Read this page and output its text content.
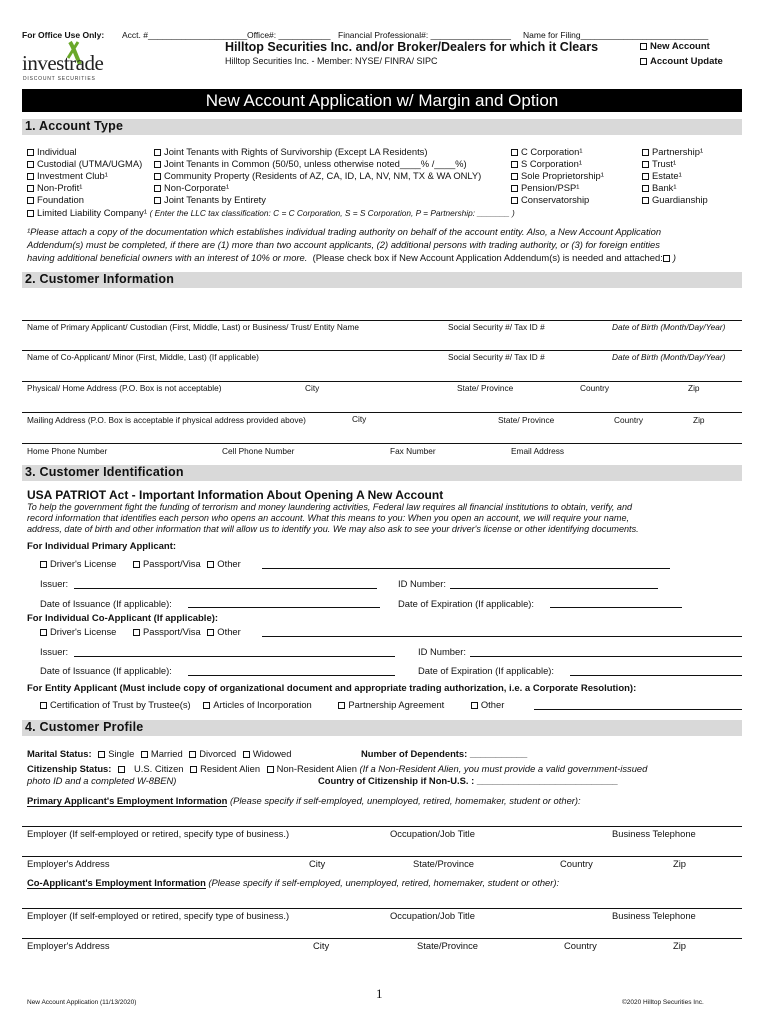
For Office Use Only: Acct. #_____________________ Office#: ___________ Financial Professional#: _________________ Name for Filing___________________________
investrade
DISCOUNT SECURITIES
Hilltop Securities Inc. and/or Broker/Dealers for which it Clears
Hilltop Securities Inc. - Member: NYSE/ FINRA/ SIPC
New Account
Account Update
New Account Application w/ Margin and Option
1. Account Type
Individual
Custodial (UTMA/UGMA)
Investment Club¹
Non-Profit¹
Foundation
Joint Tenants with Rights of Survivorship (Except LA Residents)
Joint Tenants in Common (50/50, unless otherwise noted____% /____%)
Community Property (Residents of AZ, CA, ID, LA, NV, NM, TX & WA ONLY)
Non-Corporate¹
Joint Tenants by Entirety
C Corporation¹
S Corporation¹
Sole Proprietorship¹
Pension/PSP¹
Conservatorship
Partnership¹
Trust¹
Estate¹
Bank¹
Guardianship
Limited Liability Company¹ ( Enter the LLC tax classification: C = C Corporation, S = S Corporation, P = Partnership: _______ )
¹Please attach a copy of the documentation which establishes individual trading authority on behalf of the account entity. Also, a New Account Application
Addendum(s) must be completed, if there are (1) more than two account applicants, (2) additional persons with trading authority, or (3) for foreign entities
having additional beneficial owners with an interest of 10% or more. (Please check box if New Account Application Addendum(s) is needed and attached: )
2. Customer Information
Name of Primary Applicant/ Custodian (First, Middle, Last) or Business/ Trust/ Entity Name	Social Security #/ Tax ID #	Date of Birth (Month/Day/Year)
Name of Co-Applicant/ Minor (First, Middle, Last) (If applicable)	Social Security #/ Tax ID #	Date of Birth (Month/Day/Year)
Physical/ Home Address (P.O. Box is not acceptable)	City	State/ Province	Country	Zip
Mailing Address (P.O. Box is acceptable if physical address provided above)	City	State/ Province	Country	Zip
Home Phone Number	Cell Phone Number	Fax Number	Email Address
3. Customer Identification
USA PATRIOT Act - Important Information About Opening A New Account
To help the government fight the funding of terrorism and money laundering activities, Federal law requires all financial institutions to obtain, verify, and
record information that identifies each person who opens an account. What this means to you: When you open an account, we will require your name,
address, date of birth and other information that will allow us to identify you. We may also ask to see your driver's license or other identifying documents.
For Individual Primary Applicant:
Driver's License	Passport/Visa Other
Issuer:	ID Number:
Date of Issuance (If applicable):	Date of Expiration (If applicable):
For Individual Co-Applicant (If applicable):
Driver's License	Passport/Visa Other
Issuer:	ID Number:
Date of Issuance (If applicable):	Date of Expiration (If applicable):
For Entity Applicant (Must include copy of organizational document and appropriate trading authorization, i.e. a Corporate Resolution):
Certification of Trust by Trustee(s) Articles of Incorporation	Partnership Agreement	Other
4. Customer Profile
Marital Status: Single Married Divorced Widowed	Number of Dependents: ___________
Citizenship Status: U.S. Citizen Resident Alien Non-Resident Alien (If a Non-Resident Alien, you must provide a valid government-issued
photo ID and a completed W-8BEN)	Country of Citizenship if Non-U.S. : ___________________________
Primary Applicant's Employment Information (Please specify if self-employed, unemployed, retired, homemaker, student or other):
Employer (If self-employed or retired, specify type of business.)	Occupation/Job Title	Business Telephone
Employer's Address	City	State/Province	Country	Zip
Co-Applicant's Employment Information (Please specify if self-employed, unemployed, retired, homemaker, student or other):
Employer (If self-employed or retired, specify type of business.)	Occupation/Job Title	Business Telephone
Employer's Address	City	State/Province	Country	Zip
1
New Account Application (11/13/2020)	©2020 Hilltop Securities Inc.
